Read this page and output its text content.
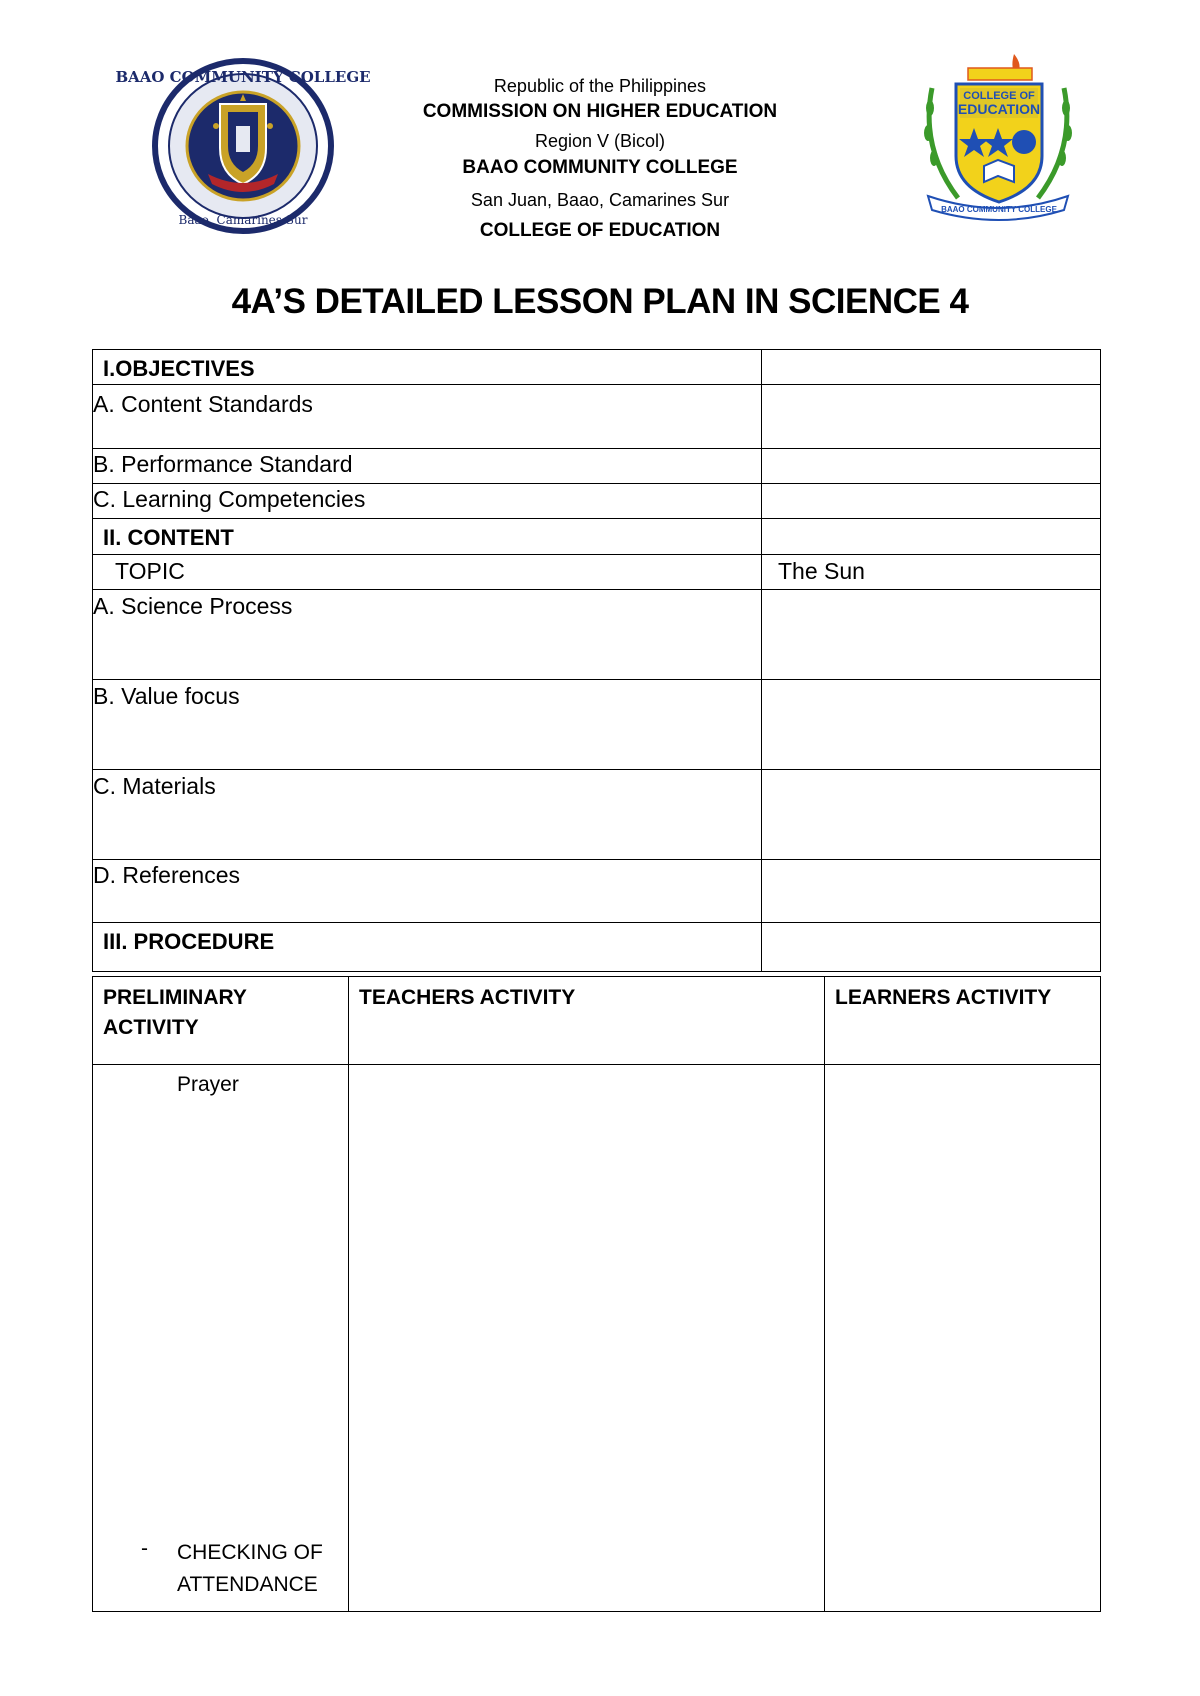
BAAO COMMUNITY COLLEGE
Baao, Camarines Sur
COLLEGE OF
EDUCATION
BAAO COMMUNITY COLLEGE
Republic of the Philippines
COMMISSION ON HIGHER EDUCATION
Region V (Bicol)
BAAO COMMUNITY COLLEGE
San Juan, Baao, Camarines Sur
COLLEGE OF EDUCATION
4A’S DETAILED LESSON PLAN IN SCIENCE 4
I.OBJECTIVES	

A. Content Standards	

B. Performance Standard	

C. Learning Competencies	

II. CONTENT	

TOPIC	The Sun

A. Science Process	

B. Value focus	

C. Materials	

D. References	

III. PROCEDURE	

PRELIMINARY ACTIVITY	TEACHERS ACTIVITY	LEARNERS ACTIVITY

Prayer
- CHECKING OF
ATTENDANCE		
